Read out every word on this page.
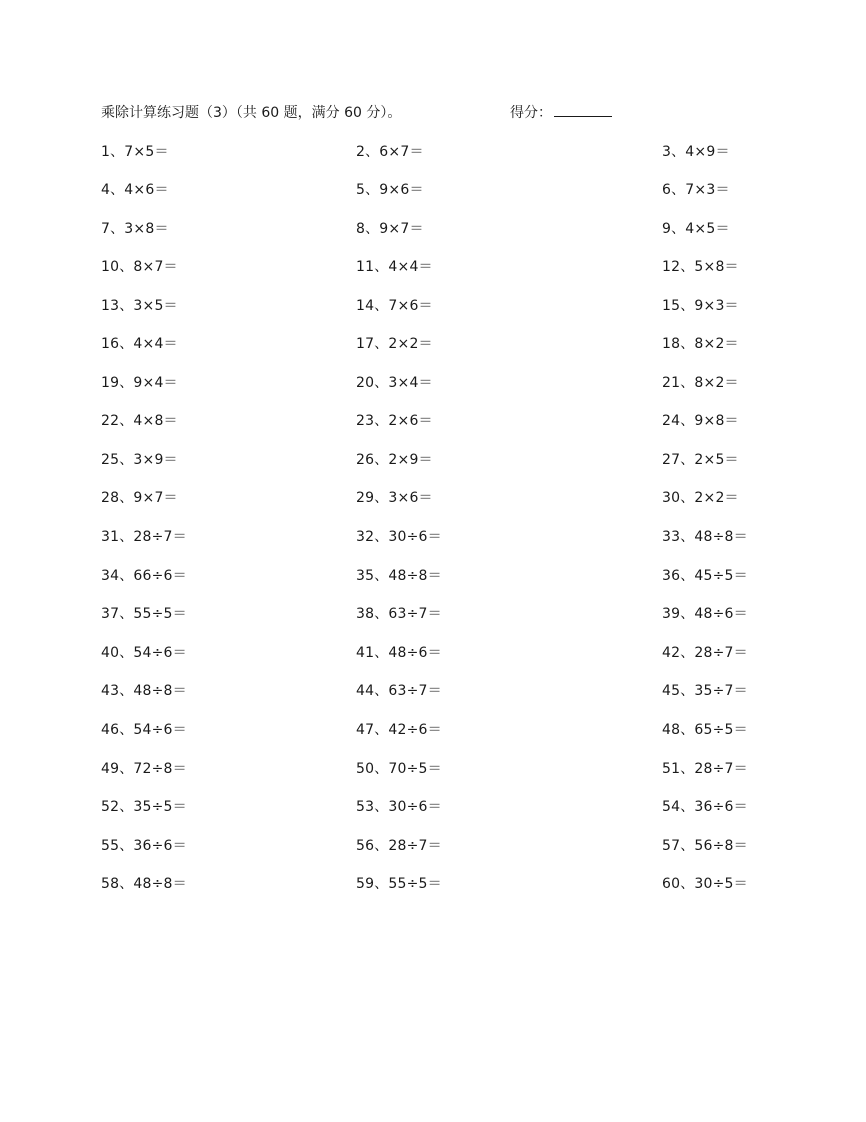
乘除计算练习题（3）（共 60 题，满分 60 分）。	得分：
1、7×5＝	2、6×7＝	3、4×9＝
4、4×6＝	5、9×6＝	6、7×3＝
7、3×8＝	8、9×7＝	9、4×5＝
10、8×7＝	11、4×4＝	12、5×8＝
13、3×5＝	14、7×6＝	15、9×3＝
16、4×4＝	17、2×2＝	18、8×2＝
19、9×4＝	20、3×4＝	21、8×2＝
22、4×8＝	23、2×6＝	24、9×8＝
25、3×9＝	26、2×9＝	27、2×5＝
28、9×7＝	29、3×6＝	30、2×2＝
31、28÷7＝	32、30÷6＝	33、48÷8＝
34、66÷6＝	35、48÷8＝	36、45÷5＝
37、55÷5＝	38、63÷7＝	39、48÷6＝
40、54÷6＝	41、48÷6＝	42、28÷7＝
43、48÷8＝	44、63÷7＝	45、35÷7＝
46、54÷6＝	47、42÷6＝	48、65÷5＝
49、72÷8＝	50、70÷5＝	51、28÷7＝
52、35÷5＝	53、30÷6＝	54、36÷6＝
55、36÷6＝	56、28÷7＝	57、56÷8＝
58、48÷8＝	59、55÷5＝	60、30÷5＝
